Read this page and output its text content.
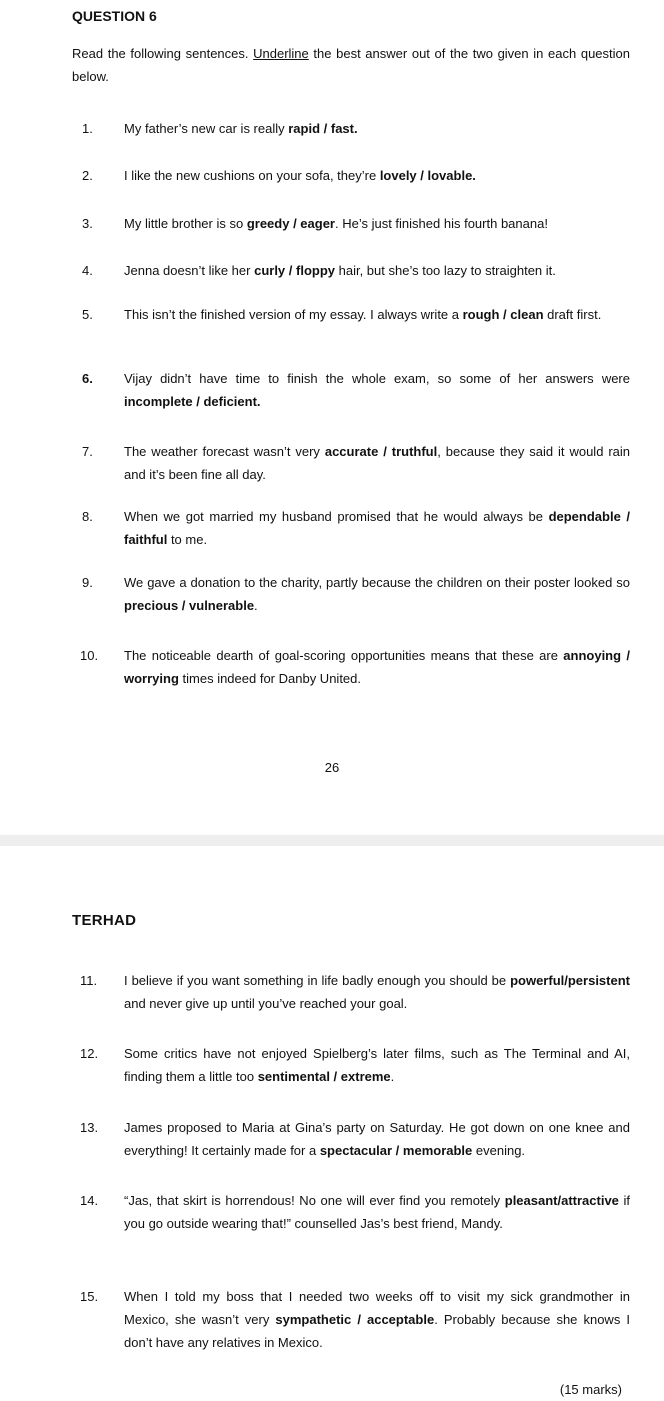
QUESTION 6
Read the following sentences. Underline the best answer out of the two given in each question below.
1.	My father’s new car is really rapid / fast.
2.	I like the new cushions on your sofa, they’re lovely / lovable.
3.	My little brother is so greedy / eager. He’s just finished his fourth banana!
4.	Jenna doesn’t like her curly / floppy hair, but she’s too lazy to straighten it.
5.	This isn’t the finished version of my essay. I always write a rough / clean draft first.
6.	Vijay didn’t have time to finish the whole exam, so some of her answers were incomplete / deficient.
7.	The weather forecast wasn’t very accurate / truthful, because they said it would rain and it’s been fine all day.
8.	When we got married my husband promised that he would always be dependable / faithful to me.
9.	We gave a donation to the charity, partly because the children on their poster looked so precious / vulnerable.
10.	The noticeable dearth of goal-scoring opportunities means that these are annoying / worrying times indeed for Danby United.
26
TERHAD
11.	I believe if you want something in life badly enough you should be powerful/persistent and never give up until you’ve reached your goal.
12.	Some critics have not enjoyed Spielberg’s later films, such as The Terminal and AI, finding them a little too sentimental / extreme.
13.	James proposed to Maria at Gina’s party on Saturday. He got down on one knee and everything! It certainly made for a spectacular / memorable evening.
14.	“Jas, that skirt is horrendous! No one will ever find you remotely pleasant/attractive if you go outside wearing that!” counselled Jas’s best friend, Mandy.
15.	When I told my boss that I needed two weeks off to visit my sick grandmother in Mexico, she wasn’t very sympathetic / acceptable. Probably because she knows I don’t have any relatives in Mexico.
(15 marks)
